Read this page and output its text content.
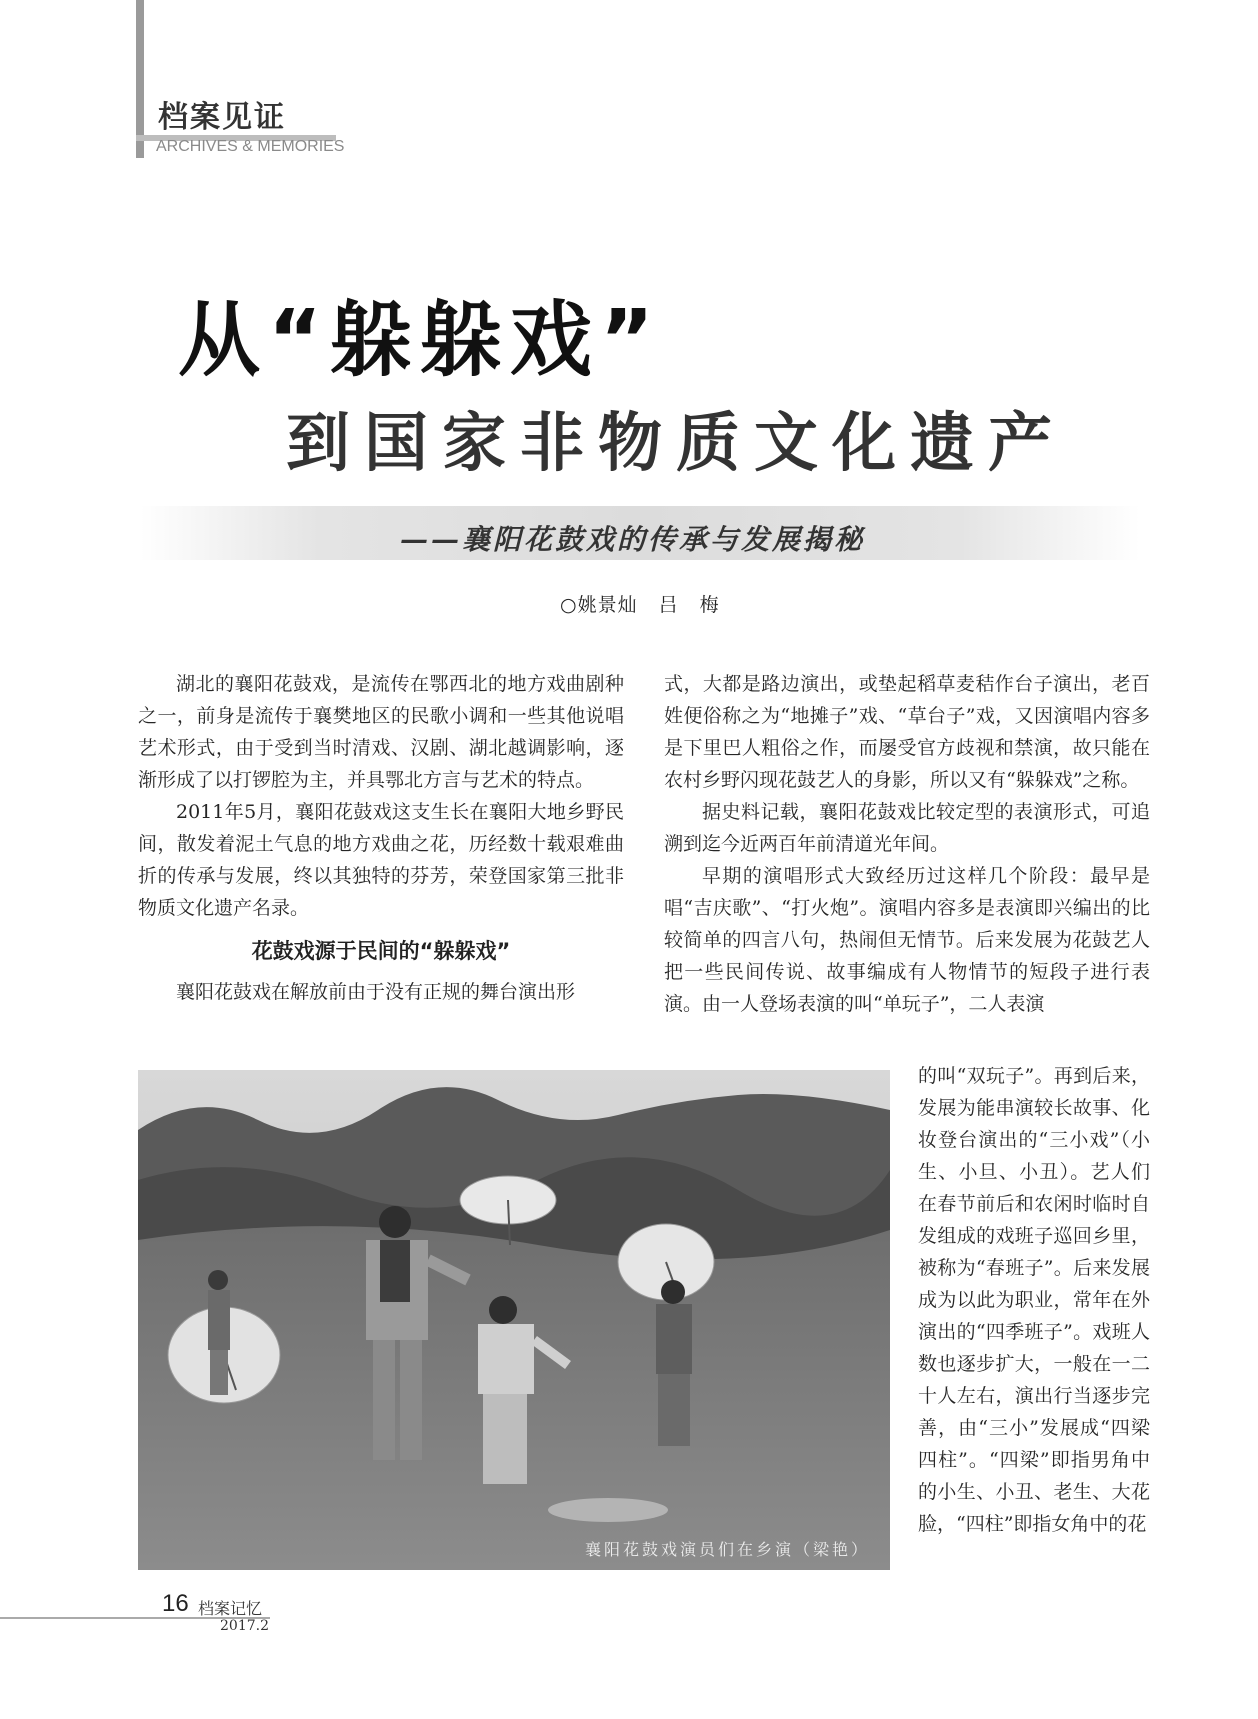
档案见证
ARCHIVES & MEMORIES
从“躲躲戏”
到国家非物质文化遗产
——襄阳花鼓戏的传承与发展揭秘
○姚景灿 吕 梅

湖北的襄阳花鼓戏，是流传在鄂西北的地方戏曲剧种之一，前身是流传于襄樊地区的民歌小调和一些其他说唱艺术形式，由于受到当时清戏、汉剧、湖北越调影响，逐渐形成了以打锣腔为主，并具鄂北方言与艺术的特点。

2011年5月，襄阳花鼓戏这支生长在襄阳大地乡野民间，散发着泥土气息的地方戏曲之花，历经数十载艰难曲折的传承与发展，终以其独特的芬芳，荣登国家第三批非物质文化遗产名录。

花鼓戏源于民间的“躲躲戏”

襄阳花鼓戏在解放前由于没有正规的舞台演出形

式，大都是路边演出，或垫起稻草麦秸作台子演出，老百姓便俗称之为“地摊子”戏、“草台子”戏，又因演唱内容多是下里巴人粗俗之作，而屡受官方歧视和禁演，故只能在农村乡野闪现花鼓艺人的身影，所以又有“躲躲戏”之称。

据史料记载，襄阳花鼓戏比较定型的表演形式，可追溯到迄今近两百年前清道光年间。

早期的演唱形式大致经历过这样几个阶段：最早是唱“吉庆歌”、“打火炮”。演唱内容多是表演即兴编出的比较简单的四言八句，热闹但无情节。后来发展为花鼓艺人把一些民间传说、故事编成有人物情节的短段子进行表演。由一人登场表演的叫“单玩子”，二人表演

的叫“双玩子”。再到后来，发展为能串演较长故事、化妆登台演出的“三小戏”（小生、小旦、小丑）。艺人们在春节前后和农闲时临时自发组成的戏班子巡回乡里，被称为“春班子”。后来发展成为以此为职业，常年在外演出的“四季班子”。戏班人数也逐步扩大，一般在一二十人左右，演出行当逐步完善，由“三小”发展成“四梁四柱”。“四梁”即指男角中的小生、小丑、老生、大花脸，“四柱”即指女角中的花

襄阳花鼓戏演员们在乡演（梁艳）
16 档案记忆
2017.2
